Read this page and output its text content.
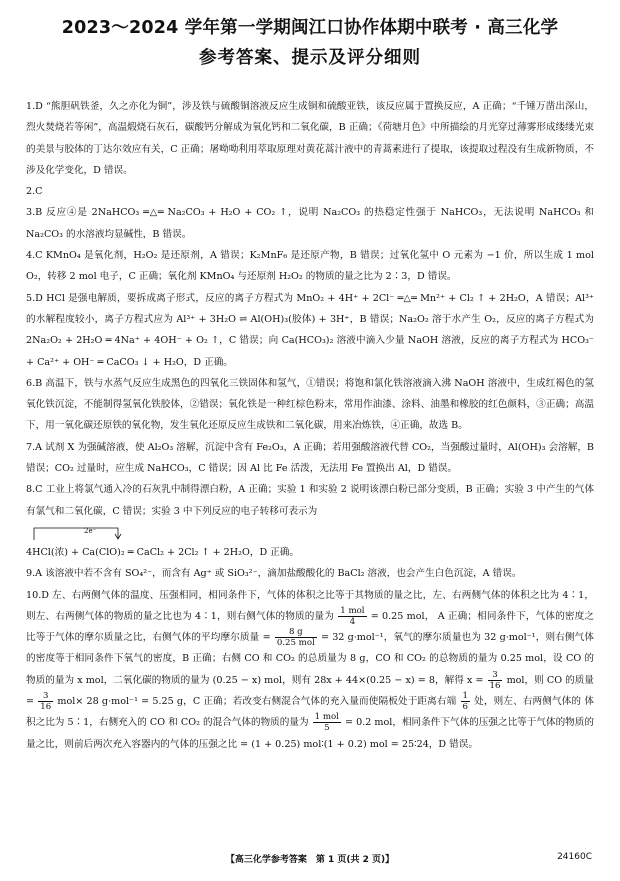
2023～2024 学年第一学期闽江口协作体期中联考 · 高三化学
参考答案、提示及评分细则

1.D “熊胆矾铁釜，久之亦化为铜”，涉及铁与硫酸铜溶液反应生成铜和硫酸亚铁，该反应属于置换反应，A 正确；“千锤万凿出深山，烈火焚烧若等闲”，高温煅烧石灰石，碳酸钙分解成为氧化钙和二氧化碳，B 正确；《荷塘月色》中所描绘的月光穿过薄雾形成缕缕光束的美景与胶体的丁达尔效应有关，C 正确；屠呦呦利用萃取原理对黄花蒿汁液中的青蒿素进行了提取，该提取过程没有生成新物质，不涉及化学变化，D 错误。

2.C

3.B 反应④是 2NaHCO₃ ═△═ Na₂CO₃ + H₂O + CO₂ ↑，说明 Na₂CO₃ 的热稳定性强于 NaHCO₃，无法说明 NaHCO₃ 和 Na₂CO₃ 的水溶液均显碱性，B 错误。

4.C KMnO₄ 是氧化剂，H₂O₂ 是还原剂，A 错误；K₂MnF₆ 是还原产物，B 错误；过氧化氢中 O 元素为 −1 价，所以生成 1 mol O₂，转移 2 mol 电子，C 正确；氧化剂 KMnO₄ 与还原剂 H₂O₂ 的物质的量之比为 2∶3，D 错误。

5.D HCl 是强电解质，要拆成离子形式，反应的离子方程式为 MnO₂ + 4H⁺ + 2Cl⁻ ═△═ Mn²⁺ + Cl₂ ↑ + 2H₂O，A 错误；Al³⁺ 的水解程度较小，离子方程式应为 Al³⁺ + 3H₂O ⇌ Al(OH)₃(胶体) + 3H⁺，B 错误；Na₂O₂ 溶于水产生 O₂，反应的离子方程式为 2Na₂O₂ + 2H₂O ═ 4Na⁺ + 4OH⁻ + O₂ ↑，C 错误；向 Ca(HCO₃)₂ 溶液中滴入少量 NaOH 溶液，反应的离子方程式为 HCO₃⁻ + Ca²⁺ + OH⁻ ═ CaCO₃ ↓ + H₂O，D 正确。

6.B 高温下，铁与水蒸气反应生成黑色的四氧化三铁固体和氢气，①错误；将饱和氯化铁溶液滴入沸 NaOH 溶液中，生成红褐色的氢氧化铁沉淀，不能制得氢氧化铁胶体，②错误；氧化铁是一种红棕色粉末，常用作油漆、涂料、油墨和橡胶的红色颜料，③正确；高温下，用一氧化碳还原铁的氧化物，发生氧化还原反应生成铁和二氧化碳，用来冶炼铁，④正确，故选 B。

7.A 试剂 X 为强碱溶液，使 Al₂O₃ 溶解，沉淀中含有 Fe₂O₃，A 正确；若用强酸溶液代替 CO₂，当强酸过量时，Al(OH)₃ 会溶解，B 错误；CO₂ 过量时，应生成 NaHCO₃，C 错误；因 Al 比 Fe 活泼，无法用 Fe 置换出 Al，D 错误。

8.C 工业上将氯气通入冷的石灰乳中制得漂白粉，A 正确；实验 1 和实验 2 说明该漂白粉已部分变质，B 正确；实验 3 中产生的气体有氯气和二氧化碳，C 错误；实验 3 中下列反应的电子转移可表示为

2e⁻

4HCl(浓) + Ca(ClO)₂ ═ CaCl₂ + 2Cl₂ ↑ + 2H₂O，D 正确。

9.A 该溶液中若不含有 SO₄²⁻，而含有 Ag⁺ 或 SiO₃²⁻，滴加盐酸酸化的 BaCl₂ 溶液，也会产生白色沉淀，A 错误。

10.D 左、右两侧气体的温度、压强相同，相同条件下，气体的体积之比等于其物质的量之比，左、右两侧气体的体积之比为 4∶1，则左、右两侧气体的物质的量之比也为 4∶1，则右侧气体的物质的量为 $\frac{\text{1 mol}}{4} = 0.25$ mol， A 正确；相同条件下，气体的密度之比等于气体的摩尔质量之比，右侧气体的平均摩尔质量 = $\frac{8 g}{\text{0.25 mol}} = 32$ g·mol⁻¹，氧气的摩尔质量也为 32 g·mol⁻¹，则右侧气体的密度等于相同条件下氧气的密度，B 正确；右侧 CO 和 CO₂ 的总质量为 8 g，CO 和 CO₂ 的总物质的量为 0.25 mol，设 CO 的物质的量为 x mol，二氧化碳的物质的量为 (0.25 − x) mol，则有 28x + 44×(0.25 − x) = 8，解得 $x = \frac{3}{16}$ mol，则 CO 的质量 = $\frac{3}{16} mol\times 28$ g·mol⁻¹ = 5.25 g，C 正确；若改变右侧混合气体的充入量而使隔板处于距离右端 $\frac{1}{6}$ 处，则左、右两侧气体的 体积之比为 5∶1，右侧充入的 CO 和 CO₂ 的混合气体的物质的量为 $\frac{\text{1 mol}}{5} = 0.2$ mol，相同条件下气体的压强之比等于气体的物质的量之比，则前后两次充入容器内的气体的压强之比 = (1 + 0.25) mol∶(1 + 0.2) mol = 25∶24，D 错误。

【高三化学参考答案　第 1 页(共 2 页)】	24160C
